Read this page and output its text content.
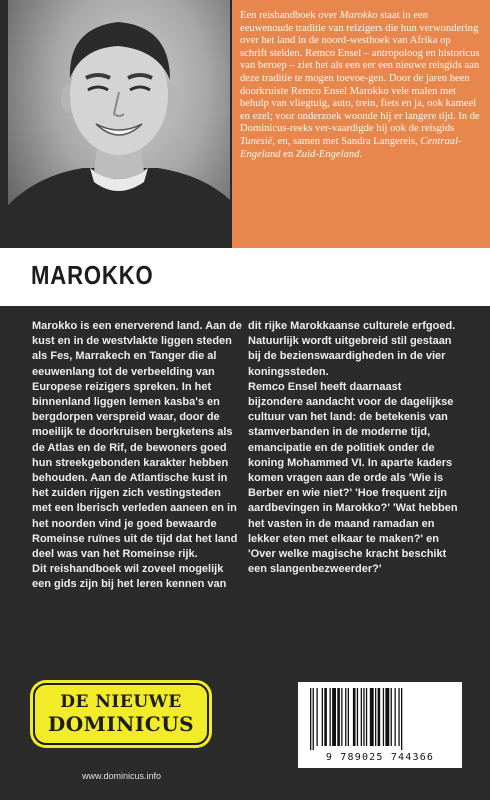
Een reishandboek over Marokko staat in een eeuwenoude traditie van reizigers die hun verwondering over het land in de noord-westhoek van Afrika op schrift stelden. Remco Ensel – antropoloog en historicus van beroep – ziet het als een eer een nieuwe reisgids aan deze traditie te mogen toevoe-gen. Door de jaren heen doorkruiste Remco Ensel Marokko vele malen met behulp van vliegtuig, auto, trein, fiets en ja, ook kameel en ezel; voor onderzoek woonde hij er langere tijd. In de Dominicus-reeks ver-vaardigde hij ook de reisgids Tunesië, en, samen met Sandra Langereis, Centraal-Engeland en Zuid-Engeland.

MAROKKO

Marokko is een enerverend land. Aan de kust en in de westvlakte liggen steden als Fes, Marrakech en Tanger die al eeuwenlang tot de verbeelding van Europese reizigers spreken. In het binnenland liggen lemen kasba's en bergdorpen verspreid waar, door de moeilijk te doorkruisen bergketens als de Atlas en de Rif, de bewoners goed hun streekgebonden karakter hebben behouden. Aan de Atlantische kust in het zuiden rijgen zich vestingsteden met een Iberisch verleden aaneen en in het noorden vind je goed bewaarde Romeinse ruïnes uit de tijd dat het land deel was van het Romeinse rijk.

Dit reishandboek wil zoveel mogelijk een gids zijn bij het leren kennen van

dit rijke Marokkaanse culturele erfgoed. Natuurlijk wordt uitgebreid stil gestaan bij de bezienswaardigheden in de vier koningssteden.

Remco Ensel heeft daarnaast bijzondere aandacht voor de dagelijkse cultuur van het land: de betekenis van stamverbanden in de moderne tijd, emancipatie en de politiek onder de koning Mohammed VI. In aparte kaders komen vragen aan de orde als 'Wie is Berber en wie niet?' 'Hoe frequent zijn aardbevingen in Marokko?' 'Wat hebben het vasten in de maand ramadan en lekker eten met elkaar te maken?' en 'Over welke magische kracht beschikt een slangenbezweerder?'

DE NIEUWE
DOMINICUS
www.dominicus.info
9 789025 744366
